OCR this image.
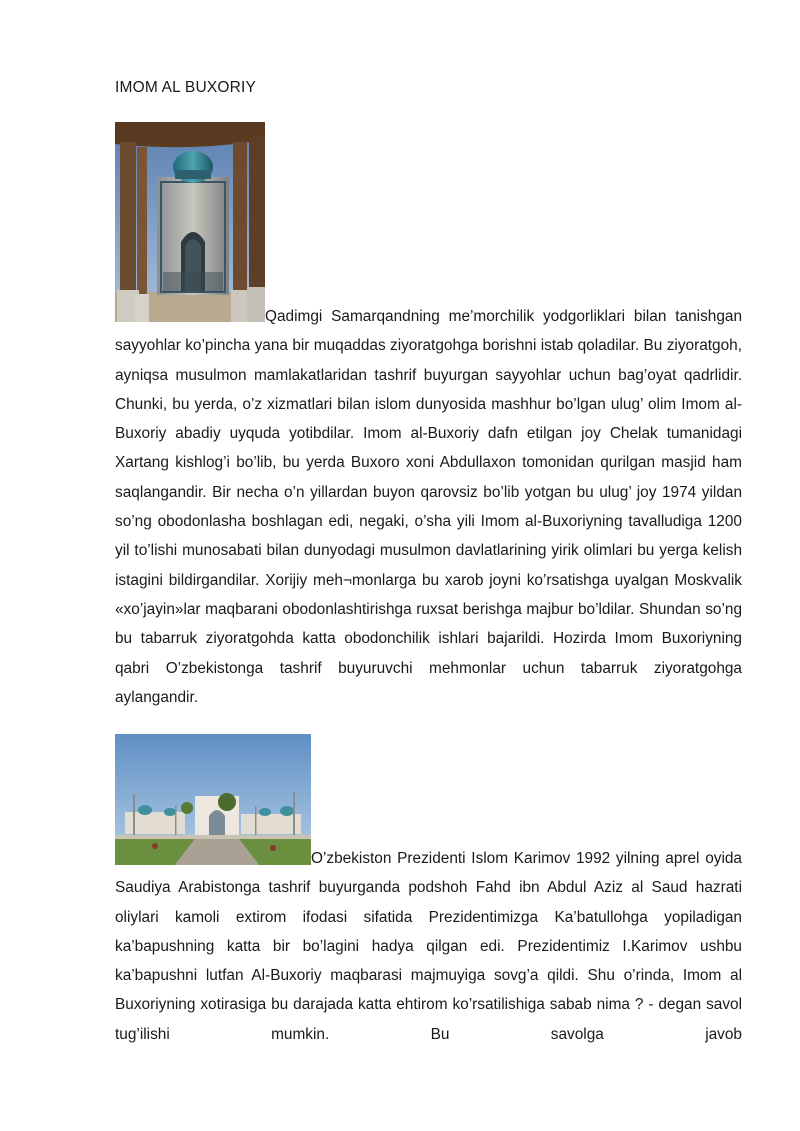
IMOM AL BUXORIY
Qadimgi Samarqandning me’morchilik yodgorliklari bilan tanishgan sayyohlar ko’pincha yana bir muqaddas ziyoratgohga borishni istab qoladilar. Bu ziyoratgoh, ayniqsa musulmon mamlakatlaridan tashrif buyurgan sayyohlar uchun bag’oyat qadrlidir. Chunki, bu yerda, o’z xizmatlari bilan islom dunyosida mashhur bo’lgan ulug’ olim Imom al-Buxoriy abadiy uyquda yotibdilar. Imom al-Buxoriy dafn etilgan joy Chelak tumanidagi Xartang kishlog’i bo’lib, bu yerda Buxoro xoni Abdullaxon tomonidan qurilgan masjid ham saqlangandir. Bir necha o’n yillardan buyon qarovsiz bo’lib yotgan bu ulug’ joy 1974 yildan so’ng obodonlasha boshlagan edi, negaki, o’sha yili Imom al-Buxoriyning tavalludiga 1200 yil to’lishi munosabati bilan dunyodagi musulmon davlatlarining yirik olimlari bu yerga kelish istagini bildirgandilar. Xorijiy meh¬monlarga bu xarob joyni ko’rsatishga uyalgan Moskvalik «xo’jayin»lar maqbarani obodonlashtirishga ruxsat berishga majbur bo’ldilar. Shundan so’ng bu tabarruk ziyoratgohda katta obodonchilik ishlari bajarildi. Hozirda Imom Buxoriyning qabri O’zbekistonga tashrif buyuruvchi mehmonlar uchun tabarruk ziyoratgohga aylangandir.
O’zbekiston Prezidenti Islom Karimov 1992 yilning aprel oyida Saudiya Arabistonga tashrif buyurganda podshoh Fahd ibn Abdul Aziz al Saud hazrati oliylari kamoli extirom ifodasi sifatida Prezidentimizga Ka’batullohga yopiladigan ka’bapushning katta bir bo’lagini hadya qilgan edi. Prezidentimiz I.Karimov ushbu ka’bapushni lutfan Al-Buxoriy maqbarasi majmuyiga sovg’a qildi. Shu o’rinda, Imom al Buxoriyning xotirasiga bu darajada katta ehtirom ko’rsatilishiga sabab nima ? - degan savol tug’ilishi mumkin. Bu savolga javob
